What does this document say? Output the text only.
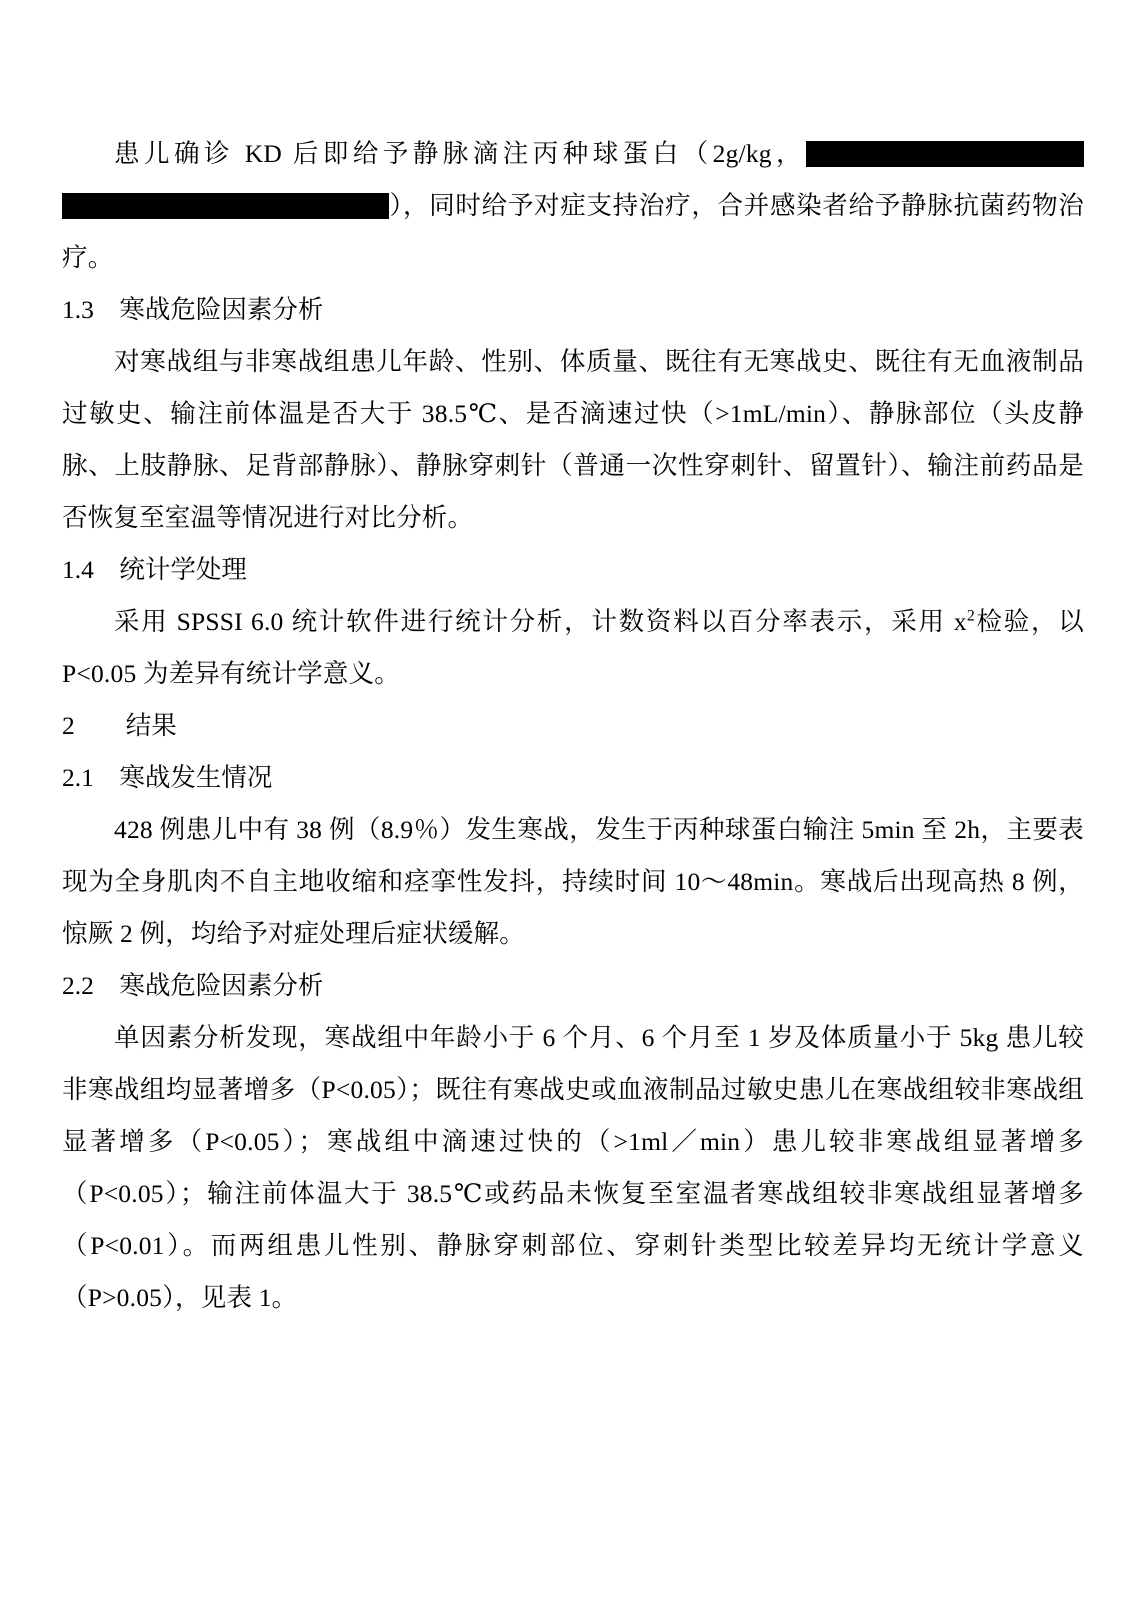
患儿确诊 KD 后即给予静脉滴注丙种球蛋白（2g/kg，），同时给予对症支持治疗，合并感染者给予静脉抗菌药物治疗。

1.3　寒战危险因素分析

对寒战组与非寒战组患儿年龄、性别、体质量、既往有无寒战史、既往有无血液制品过敏史、输注前体温是否大于 38.5℃、是否滴速过快（>1mL/min）、静脉部位（头皮静脉、上肢静脉、足背部静脉）、静脉穿刺针（普通一次性穿刺针、留置针）、输注前药品是否恢复至室温等情况进行对比分析。

1.4　统计学处理

采用 SPSSI 6.0 统计软件进行统计分析，计数资料以百分率表示，采用 $x^2$检验，以 P<0.05 为差异有统计学意义。

2　　结果
2.1　寒战发生情况

428 例患儿中有 38 例（8.9％）发生寒战，发生于丙种球蛋白输注 5min 至 2h，主要表现为全身肌肉不自主地收缩和痉挛性发抖，持续时间 10～48min。寒战后出现高热 8 例，惊厥 2 例，均给予对症处理后症状缓解。

2.2　寒战危险因素分析

单因素分析发现，寒战组中年龄小于 6 个月、6 个月至 1 岁及体质量小于 5kg 患儿较非寒战组均显著增多（P<0.05）；既往有寒战史或血液制品过敏史患儿在寒战组较非寒战组显著增多（P<0.05）；寒战组中滴速过快的（>1ml／min）患儿较非寒战组显著增多（P<0.05）；输注前体温大于 38.5℃或药品未恢复至室温者寒战组较非寒战组显著增多（P<0.01）。而两组患儿性别、静脉穿刺部位、穿刺针类型比较差异均无统计学意义（P>0.05），见表 1。
